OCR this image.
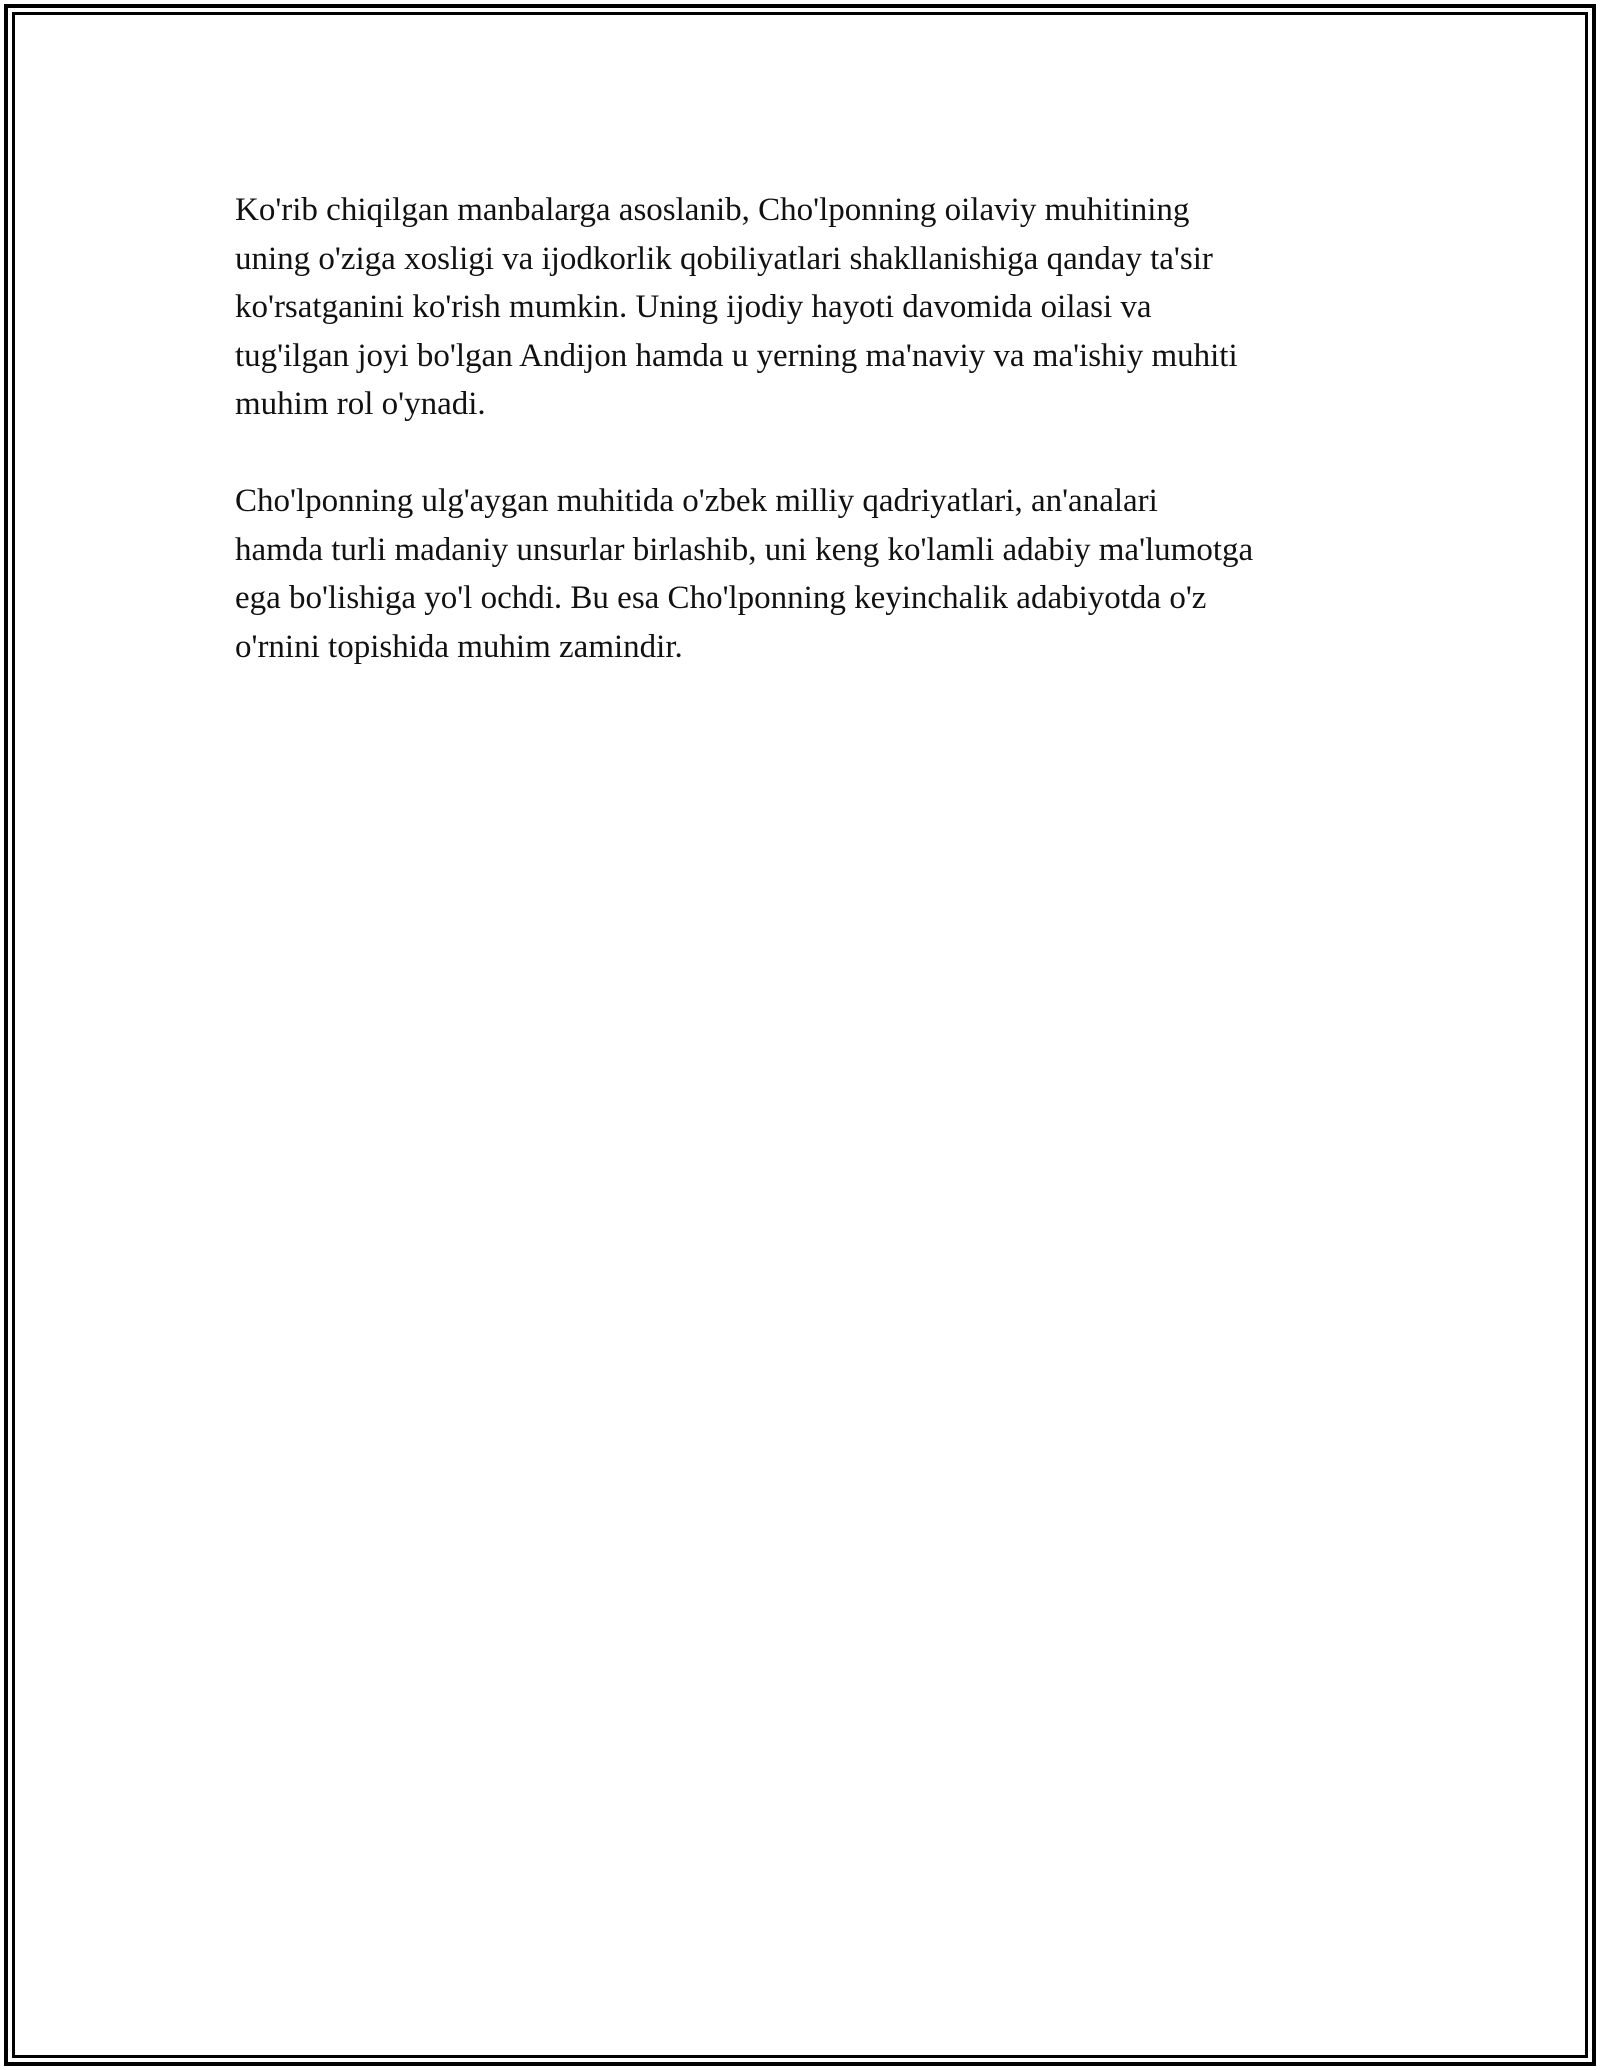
Ko'rib chiqilgan manbalarga asoslanib, Cho'lponning oilaviy muhitining
uning o'ziga xosligi va ijodkorlik qobiliyatlari shakllanishiga qanday ta'sir
ko'rsatganini ko'rish mumkin. Uning ijodiy hayoti davomida oilasi va
tug'ilgan joyi bo'lgan Andijon hamda u yerning ma'naviy va ma'ishiy muhiti
muhim rol o'ynadi.

Cho'lponning ulg'aygan muhitida o'zbek milliy qadriyatlari, an'analari
hamda turli madaniy unsurlar birlashib, uni keng ko'lamli adabiy ma'lumotga
ega bo'lishiga yo'l ochdi. Bu esa Cho'lponning keyinchalik adabiyotda o'z
o'rnini topishida muhim zamindir.
